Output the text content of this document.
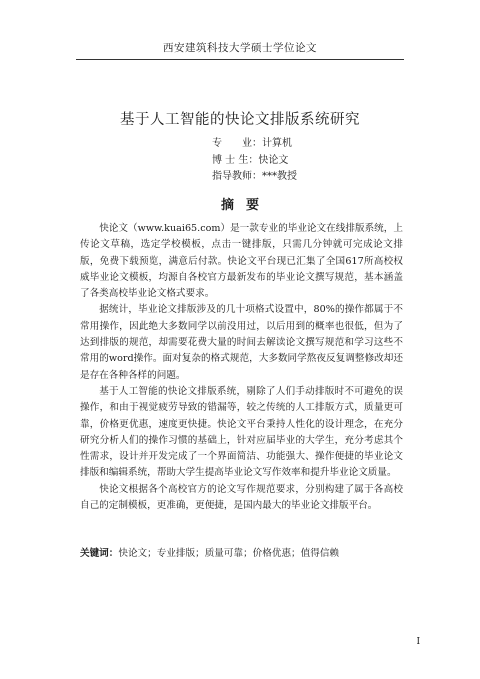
西安建筑科技大学硕士学位论文
基于人工智能的快论文排版系统研究
专　　业：计算机
博 士 生：快论文
指导教师：***教授
摘要

快论文（www.kuai65.com）是一款专业的毕业论文在线排版系统，上传论文草稿，选定学校模板，点击一键排版，只需几分钟就可完成论文排版，免费下载预览，满意后付款。快论文平台现已汇集了全国617所高校权威毕业论文模板，均源自各校官方最新发布的毕业论文撰写规范，基本涵盖了各类高校毕业论文格式要求。

据统计，毕业论文排版涉及的几十项格式设置中，80%的操作都属于不常用操作，因此绝大多数同学以前没用过，以后用到的概率也很低，但为了达到排版的规范，却需要花费大量的时间去解读论文撰写规范和学习这些不常用的word操作。面对复杂的格式规范，大多数同学熬夜反复调整修改却还是存在各种各样的问题。

基于人工智能的快论文排版系统，剔除了人们手动排版时不可避免的误操作，和由于视觉疲劳导致的错漏等，较之传统的人工排版方式，质量更可靠，价格更优惠，速度更快捷。快论文平台秉持人性化的设计理念，在充分研究分析人们的操作习惯的基础上，针对应届毕业的大学生，充分考虑其个性需求，设计并开发完成了一个界面简洁、功能强大、操作便捷的毕业论文排版和编辑系统，帮助大学生提高毕业论文写作效率和提升毕业论文质量。

快论文根据各个高校官方的论文写作规范要求，分别构建了属于各高校自己的定制模板，更准确，更便捷，是国内最大的毕业论文排版平台。

关键词：快论文；专业排版；质量可靠；价格优惠；值得信赖
I
